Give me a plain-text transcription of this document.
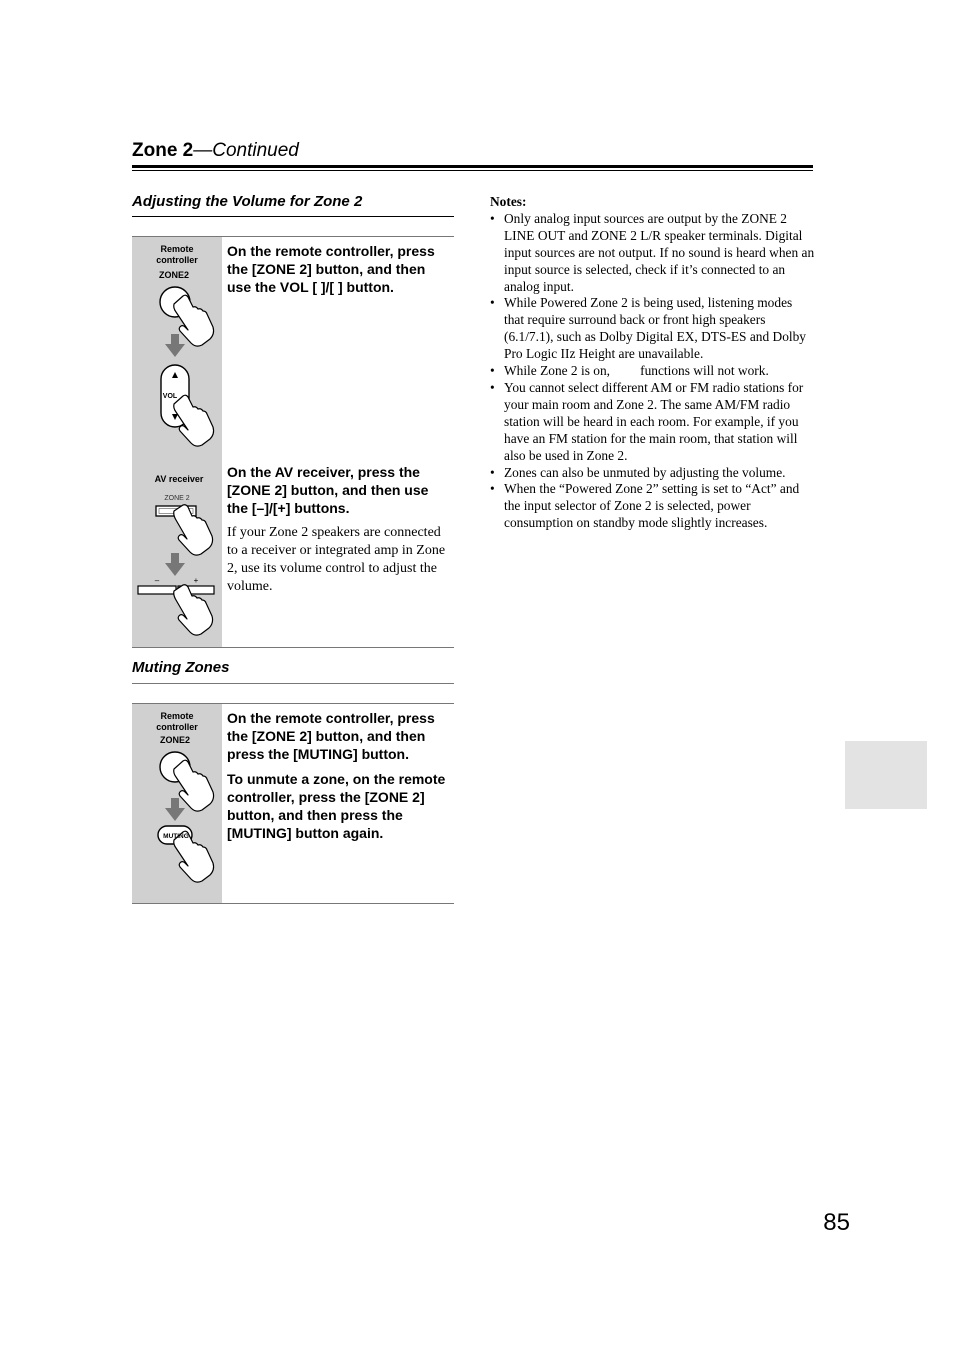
Zone 2—Continued
Adjusting the Volume for Zone 2
Remote
controller
ZONE2
VOL
On the remote controller, press the [ZONE 2] button, and then use the VOL [ ]/[ ] button.
AV receiver
ZONE 2
–	+
On the AV receiver, press the [ZONE 2] button, and then use the [–]/[+] buttons.
If your Zone 2 speakers are connected to a receiver or integrated amp in Zone 2, use its volume control to adjust the volume.
Muting Zones
Remote
controller
ZONE2
MUTING
On the remote controller, press the [ZONE 2] button, and then press the [MUTING] button.
To unmute a zone, on the remote controller, press the [ZONE 2] button, and then press the [MUTING] button again.
Notes:
• Only analog input sources are output by the ZONE 2 LINE OUT and ZONE 2 L/R speaker terminals. Digital input sources are not output. If no sound is heard when an input source is selected, check if it’s connected to an analog input.
• While Powered Zone 2 is being used, listening modes that require surround back or front high speakers (6.1/7.1), such as Dolby Digital EX, DTS-ES and Dolby Pro Logic IIz Height are unavailable.
• While Zone 2 is on,         functions will not work.
• You cannot select different AM or FM radio stations for your main room and Zone 2. The same AM/FM radio station will be heard in each room. For example, if you have an FM station for the main room, that station will also be used in Zone 2.
• Zones can also be unmuted by adjusting the volume.
• When the “Powered Zone 2” setting is set to “Act” and the input selector of Zone 2 is selected, power consumption on standby mode slightly increases.
85
